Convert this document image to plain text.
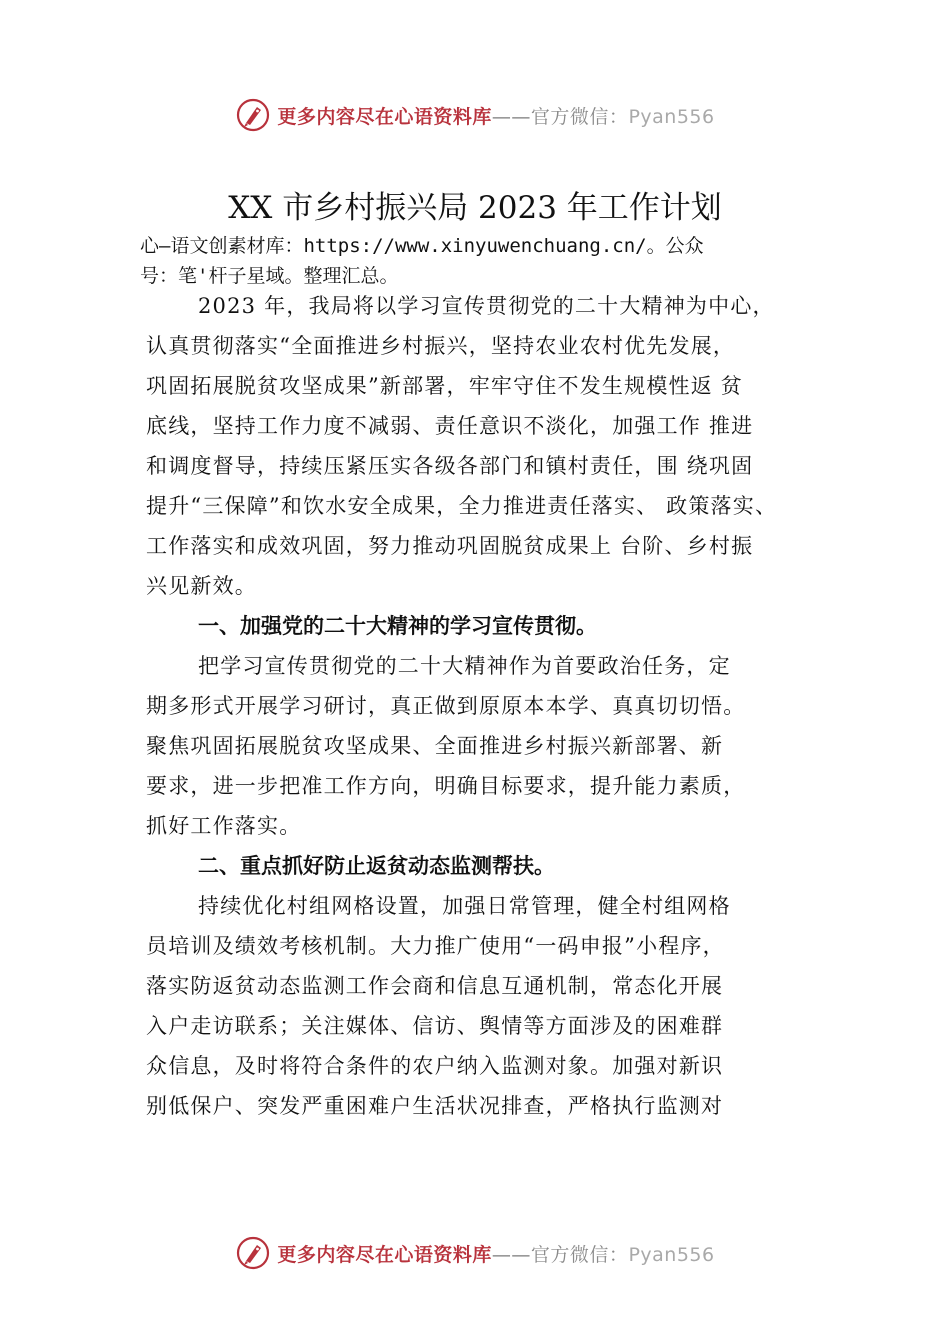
更多内容尽在心语资料库——官方微信：Pyan556
XX 市乡村振兴局 2023 年工作计划
心—语文创素材库：https://www.xinyuwenchuang.cn/。公众
号：笔'杆子星域。整理汇总。
2023 年，我局将以学习宣传贯彻党的二十大精神为中心，
认真贯彻落实“全面推进乡村振兴，坚持农业农村优先发展，
巩固拓展脱贫攻坚成果”新部署，牢牢守住不发生规模性返 贫
底线，坚持工作力度不减弱、责任意识不淡化，加强工作 推进
和调度督导，持续压紧压实各级各部门和镇村责任，围 绕巩固
提升“三保障”和饮水安全成果，全力推进责任落实、 政策落实、
工作落实和成效巩固，努力推动巩固脱贫成果上 台阶、乡村振
兴见新效。
一、加强党的二十大精神的学习宣传贯彻。
把学习宣传贯彻党的二十大精神作为首要政治任务，定
期多形式开展学习研讨，真正做到原原本本学、真真切切悟。
聚焦巩固拓展脱贫攻坚成果、全面推进乡村振兴新部署、新
要求，进一步把准工作方向，明确目标要求，提升能力素质，
抓好工作落实。
二、重点抓好防止返贫动态监测帮扶。
持续优化村组网格设置，加强日常管理，健全村组网格
员培训及绩效考核机制。大力推广使用“一码申报”小程序，
落实防返贫动态监测工作会商和信息互通机制，常态化开展
入户走访联系；关注媒体、信访、舆情等方面涉及的困难群
众信息，及时将符合条件的农户纳入监测对象。加强对新识
别低保户、突发严重困难户生活状况排查，严格执行监测对
更多内容尽在心语资料库——官方微信：Pyan556
